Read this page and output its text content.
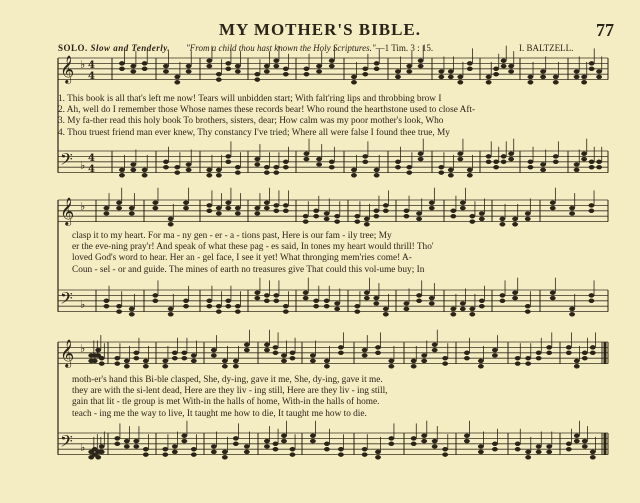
MY MOTHER'S BIBLE.	77
SOLO. Slow and Tenderly. "From a child thou hast known the Holy Scriptures."—1 Tim. 3 : 15.	I. BALTZELL.
𝄞
𝄢
♭
♭
4
4
4
4
𝄞
𝄢
♭
♭
𝄞
𝄢
♭
♭
1. This book is all that's left me now! Tears will unbidden start; With falt'ring lips and throbbing brow I
2. Ah, well do I remember those Whose names these records bear! Who round the hearthstone used to close Aft-
3. My fa-ther read this holy book To brothers, sisters, dear; How calm was my poor mother's look, Who
4. Thou truest friend man ever knew, Thy constancy I've tried; Where all were false I found thee true, My
clasp it to my heart. For ma - ny gen - er - a - tions past, Here is our fam - ily tree; My
er the eve-ning pray'r! And speak of what these pag - es said, In tones my heart would thrill! Tho'
loved God's word to hear. Her an - gel face, I see it yet! What thronging mem'ries come! A-
Coun - sel - or and guide. The mines of earth no treasures give That could this vol-ume buy; In
moth-er's hand this Bi-ble clasped, She, dy-ing, gave it me, She, dy-ing, gave it me.
they are with the si-lent dead, Here are they liv - ing still, Here are they liv - ing still,
gain that lit - tle group is met With-in the halls of home, With-in the halls of home.
teach - ing me the way to live, It taught me how to die, It taught me how to die.
